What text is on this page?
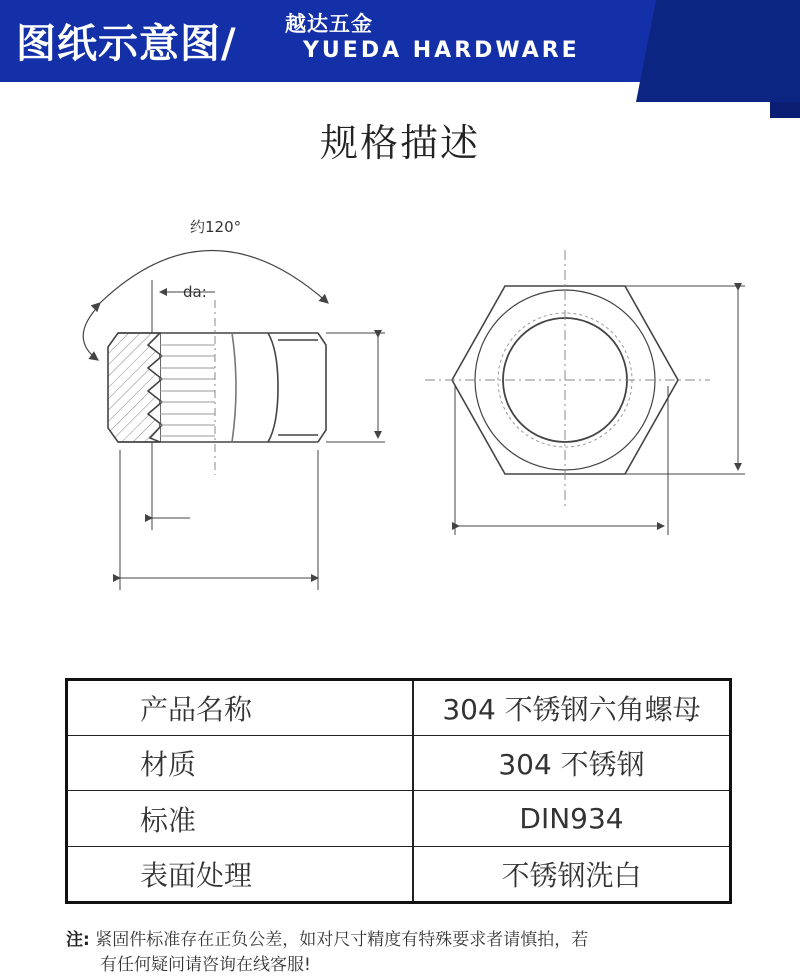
图纸示意图/ 越达五金
YUEDA HARDWARE
规格描述
约120°
da:
产品名称	304 不锈钢六角螺母
材质	304 不锈钢
标准	DIN934
表面处理	不锈钢洗白
注: 紧固件标准存在正负公差，如对尺寸精度有特殊要求者请慎拍，若
有任何疑问请咨询在线客服!
